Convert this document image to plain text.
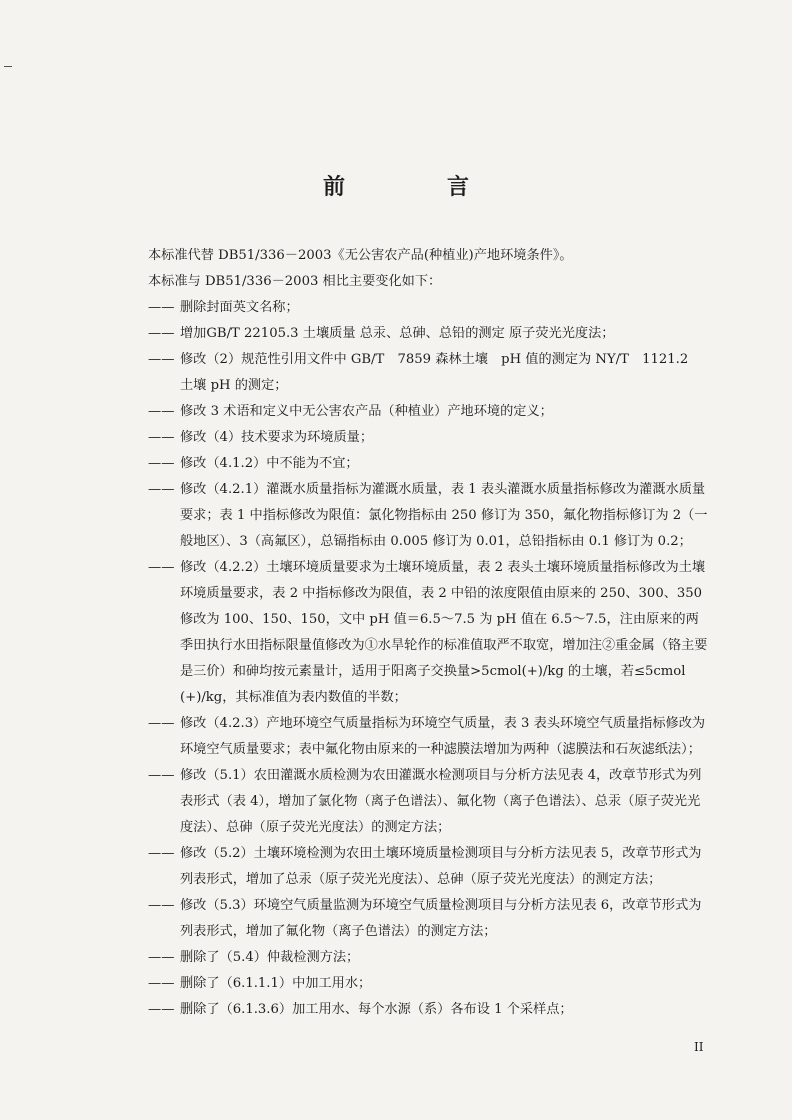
前　言
本标准代替 DB51/336－2003《无公害农产品(种植业)产地环境条件》。
本标准与 DB51/336－2003 相比主要变化如下：
—— 删除封面英文名称；
—— 增加GB/T 22105.3 土壤质量 总汞、总砷、总铅的测定 原子荧光光度法；
—— 修改（2）规范性引用文件中 GB/T　7859 森林土壤　pH 值的测定为 NY/T　1121.2　土壤 pH 的测定；
—— 修改 3 术语和定义中无公害农产品（种植业）产地环境的定义；
—— 修改（4）技术要求为环境质量；
—— 修改（4.1.2）中不能为不宜；
—— 修改（4.2.1）灌溉水质量指标为灌溉水质量，表 1 表头灌溉水质量指标修改为灌溉水质量要求；表 1 中指标修改为限值：氯化物指标由 250 修订为 350，氟化物指标修订为 2（一般地区）、3（高氟区），总镉指标由 0.005 修订为 0.01，总铅指标由 0.1 修订为 0.2；
—— 修改（4.2.2）土壤环境质量要求为土壤环境质量，表 2 表头土壤环境质量指标修改为土壤环境质量要求，表 2 中指标修改为限值，表 2 中铅的浓度限值由原来的 250、300、350 修改为 100、150、150，文中 pH 值＝6.5～7.5 为 pH 值在 6.5～7.5，注由原来的两季田执行水田指标限量值修改为①水旱轮作的标准值取严不取宽，增加注②重金属（铬主要是三价）和砷均按元素量计，适用于阳离子交换量>5cmol(+)/kg 的土壤，若≤5cmol(+)/kg，其标准值为表内数值的半数；
—— 修改（4.2.3）产地环境空气质量指标为环境空气质量，表 3 表头环境空气质量指标修改为环境空气质量要求；表中氟化物由原来的一种滤膜法增加为两种（滤膜法和石灰滤纸法）；
—— 修改（5.1）农田灌溉水质检测为农田灌溉水检测项目与分析方法见表 4，改章节形式为列表形式（表 4），增加了氯化物（离子色谱法）、氟化物（离子色谱法）、总汞（原子荧光光度法）、总砷（原子荧光光度法）的测定方法；
—— 修改（5.2）土壤环境检测为农田土壤环境质量检测项目与分析方法见表 5，改章节形式为列表形式，增加了总汞（原子荧光光度法）、总砷（原子荧光光度法）的测定方法；
—— 修改（5.3）环境空气质量监测为环境空气质量检测项目与分析方法见表 6，改章节形式为列表形式，增加了氟化物（离子色谱法）的测定方法；
—— 删除了（5.4）仲裁检测方法；
—— 删除了（6.1.1.1）中加工用水；
—— 删除了（6.1.3.6）加工用水、每个水源（系）各布设 1 个采样点；
II
